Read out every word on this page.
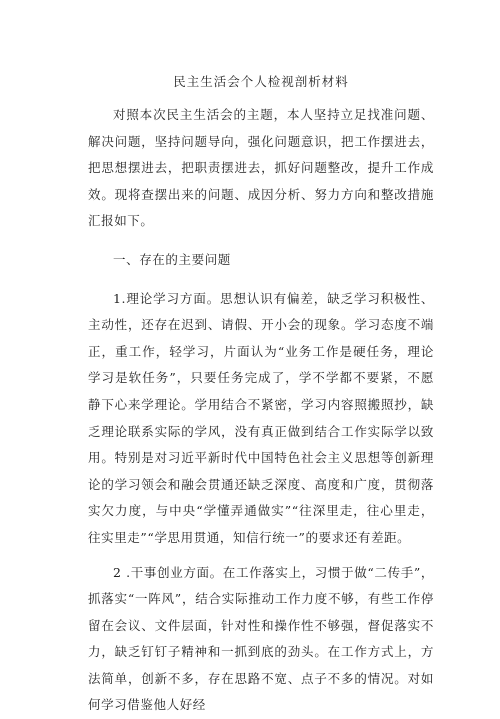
民主生活会个人检视剖析材料

对照本次民主生活会的主题，本人坚持立足找准问题、解决问题，坚持问题导向，强化问题意识，把工作摆进去，把思想摆进去，把职责摆进去，抓好问题整改，提升工作成效。现将查摆出来的问题、成因分析、努力方向和整改措施汇报如下。

一、存在的主要问题

1.理论学习方面。思想认识有偏差，缺乏学习积极性、主动性，还存在迟到、请假、开小会的现象。学习态度不端正，重工作，轻学习，片面认为“业务工作是硬任务，理论学习是软任务”，只要任务完成了，学不学都不要紧，不愿静下心来学理论。学用结合不紧密，学习内容照搬照抄，缺乏理论联系实际的学风，没有真正做到结合工作实际学以致用。特别是对习近平新时代中国特色社会主义思想等创新理论的学习领会和融会贯通还缺乏深度、高度和广度，贯彻落实欠力度，与中央“学懂弄通做实”“往深里走，往心里走，往实里走”“学思用贯通，知信行统一”的要求还有差距。

2 .干事创业方面。在工作落实上，习惯于做“二传手”，抓落实“一阵风”，结合实际推动工作力度不够，有些工作停留在会议、文件层面，针对性和操作性不够强，督促落实不力，缺乏钉钉子精神和一抓到底的劲头。在工作方式上，方法简单，创新不多，存在思路不宽、点子不多的情况。对如何学习借鉴他人好经
